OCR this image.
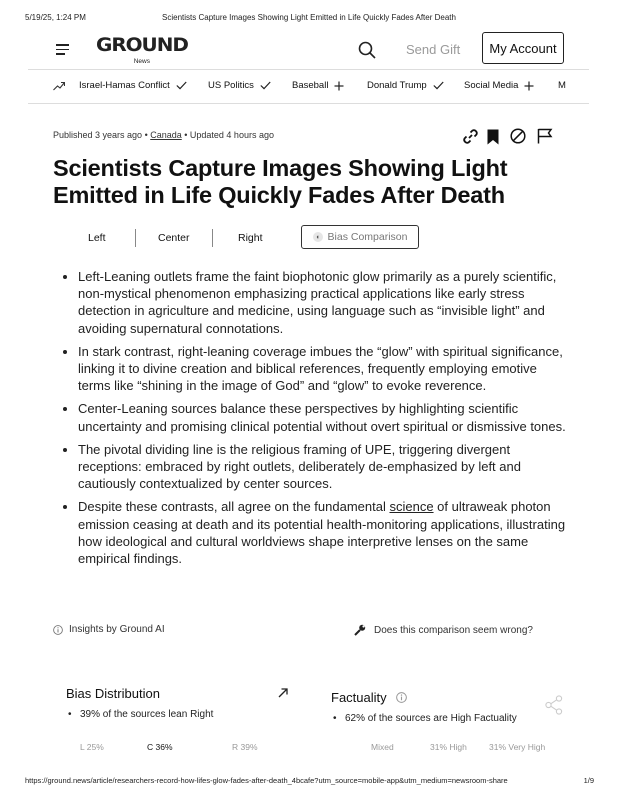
5/19/25, 1:24 PM	Scientists Capture Images Showing Light Emitted in Life Quickly Fades After Death
GROUND
News
Send Gift	My Account
Israel-Hamas Conflict	US Politics	Baseball	Donald Trump	Social Media	M
Published 3 years ago • Canada • Updated 4 hours ago
Scientists Capture Images Showing Light Emitted in Life Quickly Fades After Death
Left	Center	Right	◖ Bias Comparison
• Left-Leaning outlets frame the faint biophotonic glow primarily as a purely scientific, non-mystical phenomenon emphasizing practical applications like early stress detection in agriculture and medicine, using language such as “invisible light” and avoiding supernatural connotations.
• In stark contrast, right-leaning coverage imbues the “glow” with spiritual significance, linking it to divine creation and biblical references, frequently employing emotive terms like “shining in the image of God” and “glow” to evoke reverence.
• Center-Leaning sources balance these perspectives by highlighting scientific uncertainty and promising clinical potential without overt spiritual or dismissive tones.
• The pivotal dividing line is the religious framing of UPE, triggering divergent receptions: embraced by right outlets, deliberately de-emphasized by left and cautiously contextualized by center sources.
• Despite these contrasts, all agree on the fundamental science of ultraweak photon emission ceasing at death and its potential health-monitoring applications, illustrating how ideological and cultural worldviews shape interpretive lenses on the same empirical findings.
Insights by Ground AI	Does this comparison seem wrong?
Bias Distribution
• 39% of the sources lean Right
L 25%	C 36%	R 39%
Factuality
• 62% of the sources are High Factuality
Mixed	31% High	31% Very High
https://ground.news/article/researchers-record-how-lifes-glow-fades-after-death_4bcafe?utm_source=mobile-app&utm_medium=newsroom-share	1/9
